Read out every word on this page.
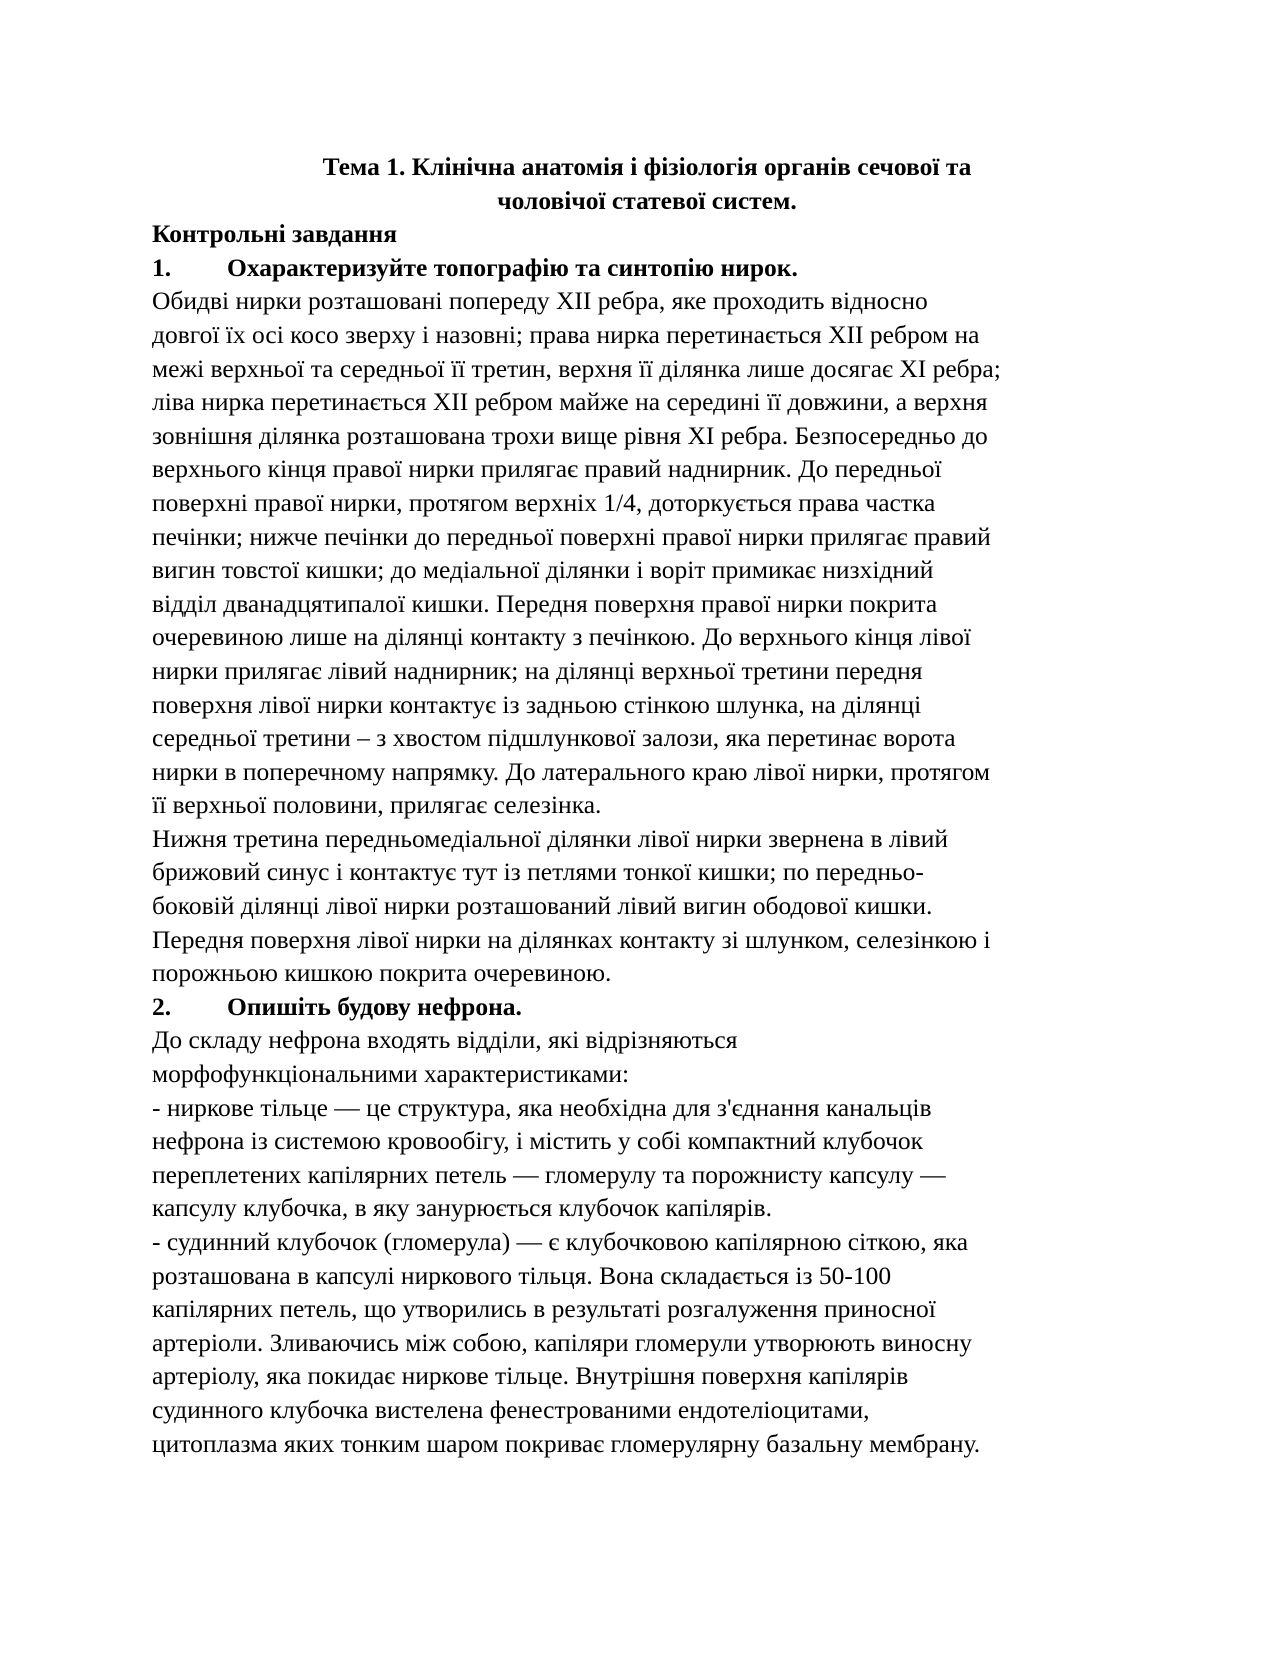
Тема 1. Клінічна анатомія і фізіологія органів сечової та
чоловічої статевої систем.
Контрольні завдання
1.	Охарактеризуйте топографію та синтопію нирок.

Обидві нирки розташовані попереду XII ребра, яке проходить відносно
довгої їх осі косо зверху і назовні; права нирка перетинається XII ребром на
межі верхньої та середньої її третин, верхня її ділянка лише досягає XI ребра;
ліва нирка перетинається XII ребром майже на середині її довжини, а верхня
зовнішня ділянка розташована трохи вище рівня XI ребра. Безпосередньо до
верхнього кінця правої нирки прилягає правий наднирник. До передньої
поверхні правої нирки, протягом верхніх 1/4, доторкується права частка
печінки; нижче печінки до передньої поверхні правої нирки прилягає правий
вигин товстої кишки; до медіальної ділянки і воріт примикає низхідний
відділ дванадцятипалої кишки. Передня поверхня правої нирки покрита
очеревиною лише на ділянці контакту з печінкою. До верхнього кінця лівої
нирки прилягає лівий наднирник; на ділянці верхньої третини передня
поверхня лівої нирки контактує із задньою стінкою шлунка, на ділянці
середньої третини – з хвостом підшлункової залози, яка перетинає ворота
нирки в поперечному напрямку. До латерального краю лівої нирки, протягом
її верхньої половини, прилягає селезінка.

Нижня третина передньомедіальної ділянки лівої нирки звернена в лівий
брижовий синус і контактує тут із петлями тонкої кишки; по передньо-
боковій ділянці лівої нирки розташований лівий вигин ободової кишки.
Передня поверхня лівої нирки на ділянках контакту зі шлунком, селезінкою і
порожньою кишкою покрита очеревиною.

2.	Опишіть будову нефрона.

До складу нефрона входять відділи, які відрізняються
морфофункціональними характеристиками:

- ниркове тільце — це структура, яка необхідна для з'єднання канальців
нефрона із системою кровообігу, і містить у собі компактний клубочок
переплетених капілярних петель — гломерулу та порожнисту капсулу —
капсулу клубочка, в яку занурюється клубочок капілярів.

- судинний клубочок (гломерула) — є клубочковою капілярною сіткою, яка
розташована в капсулі ниркового тільця. Вона складається із 50-100
капілярних петель, що утворились в результаті розгалуження приносної
артеріоли. Зливаючись між собою, капіляри гломерули утворюють виносну
артеріолу, яка покидає ниркове тільце. Внутрішня поверхня капілярів
судинного клубочка вистелена фенестрованими ендотеліоцитами,
цитоплазма яких тонким шаром покриває гломерулярну базальну мембрану.
